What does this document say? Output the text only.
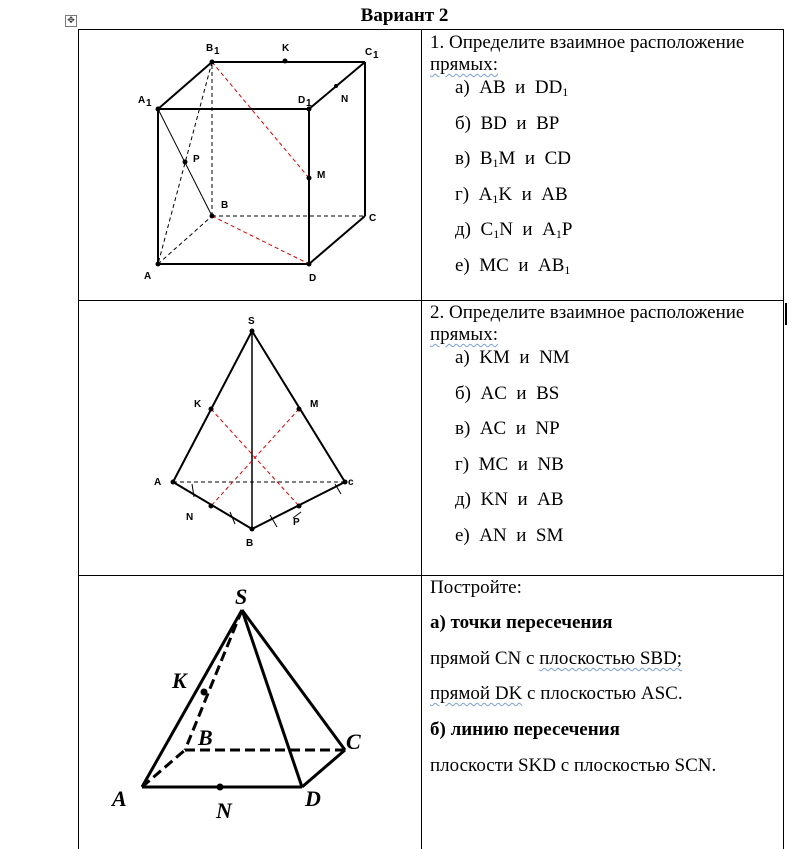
Вариант 2
✥
B 1	K	C 1
A 1	D 1	N
P
M
B
C
A	D
S
K	M
A	c
N	P
B
S
K
B	C
A	N	D
1. Определите взаимное расположение
прямых:
а)  AB  и  $DD_1$
б)  BD  и  BP
в)  $B_1M$  и  CD
г)  $A_1K$  и  AB
д)  $C_1N$  и  $A_1P$
е)  MC  и  $AB_1$
2. Определите взаимное расположение
прямых:
а)  KM  и  NM
б)  AC  и  BS
в)  AC  и  NP
г)  MC  и  NB
д)  KN  и  AB
е)  AN  и  SM
Постройте:
а) точки пересечения
прямой CN с плоскостью SBD;
прямой DK с плоскостью ASC.
б) линию пересечения
плоскости SKD с плоскостью SCN.
